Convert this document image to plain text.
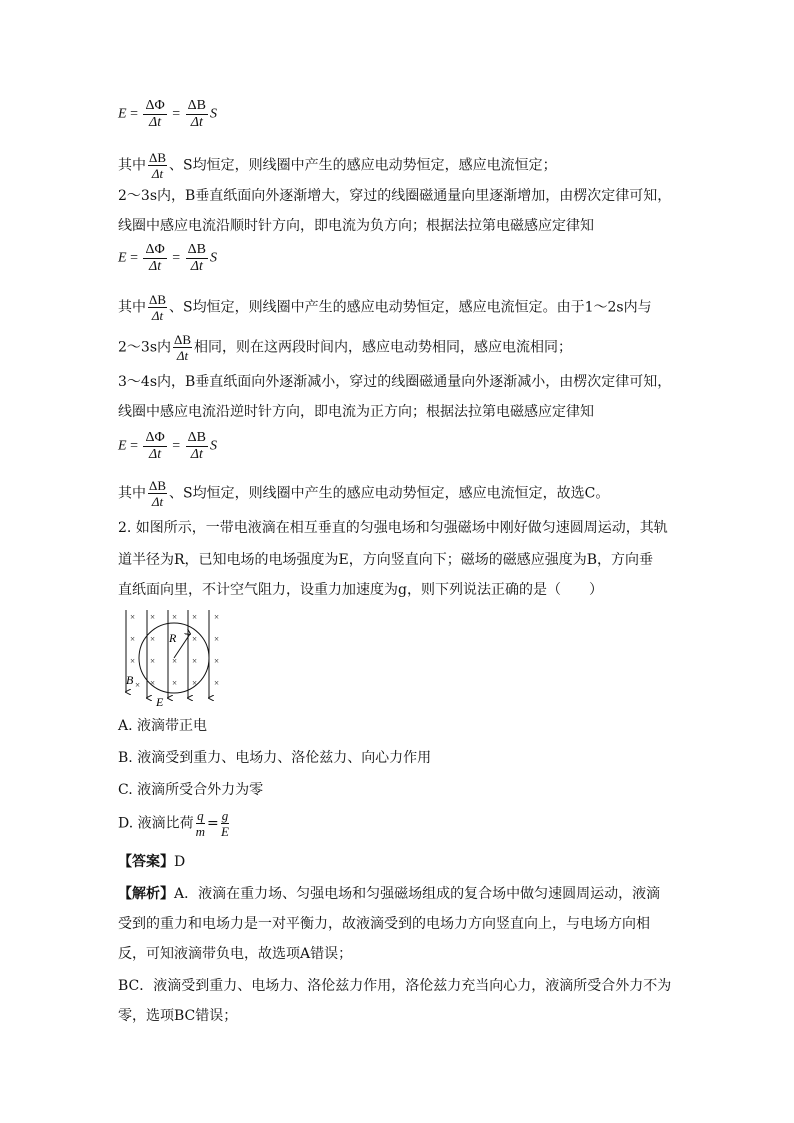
$E = \frac{\Delta\Phi}{\Delta t} = \frac{\Delta B}{\Delta t}$ S
其中 $\frac{\Delta B}{\Delta t}$ 、S均恒定，则线圈中产生的感应电动势恒定，感应电流恒定；
2～3s内，B垂直纸面向外逐渐增大，穿过的线圈磁通量向里逐渐增加，由楞次定律可知，
线圈中感应电流沿顺时针方向，即电流为负方向；根据法拉第电磁感应定律知
$E = \frac{\Delta\Phi}{\Delta t} = \frac{\Delta B}{\Delta t}$ S
其中 $\frac{\Delta B}{\Delta t}$ 、S均恒定，则线圈中产生的感应电动势恒定，感应电流恒定。由于1～2s内与
2～3s内 $\frac{\Delta B}{\Delta t}$ 相同，则在这两段时间内，感应电动势相同，感应电流相同；
3～4s内，B垂直纸面向外逐渐减小，穿过的线圈磁通量向外逐渐减小，由楞次定律可知，
线圈中感应电流沿逆时针方向，即电流为正方向；根据法拉第电磁感应定律知
$E = \frac{\Delta\Phi}{\Delta t} = \frac{\Delta B}{\Delta t}$ S
其中 $\frac{\Delta B}{\Delta t}$ 、S均恒定，则线圈中产生的感应电动势恒定，感应电流恒定，故选C。
2. 如图所示，一带电液滴在相互垂直的匀强电场和匀强磁场中刚好做匀速圆周运动，其轨
道半径为R，已知电场的电场强度为E，方向竖直向下；磁场的磁感应强度为B，方向垂
直纸面向里，不计空气阻力，设重力加速度为g，则下列说法正确的是（　　）
R
B
E
× × × ×
× ×	×
× × × × ×
×
×
× × × × ×
A. 液滴带正电
B. 液滴受到重力、电场力、洛伦兹力、向心力作用
C. 液滴所受合外力为零
D. 液滴比荷 $\frac{q}{m} = \frac{g}{E}$
【答案】D
【解析】A．液滴在重力场、匀强电场和匀强磁场组成的复合场中做匀速圆周运动，液滴
受到的重力和电场力是一对平衡力，故液滴受到的电场力方向竖直向上，与电场方向相
反，可知液滴带负电，故选项A错误；
BC．液滴受到重力、电场力、洛伦兹力作用，洛伦兹力充当向心力，液滴所受合外力不为
零，选项BC错误；
